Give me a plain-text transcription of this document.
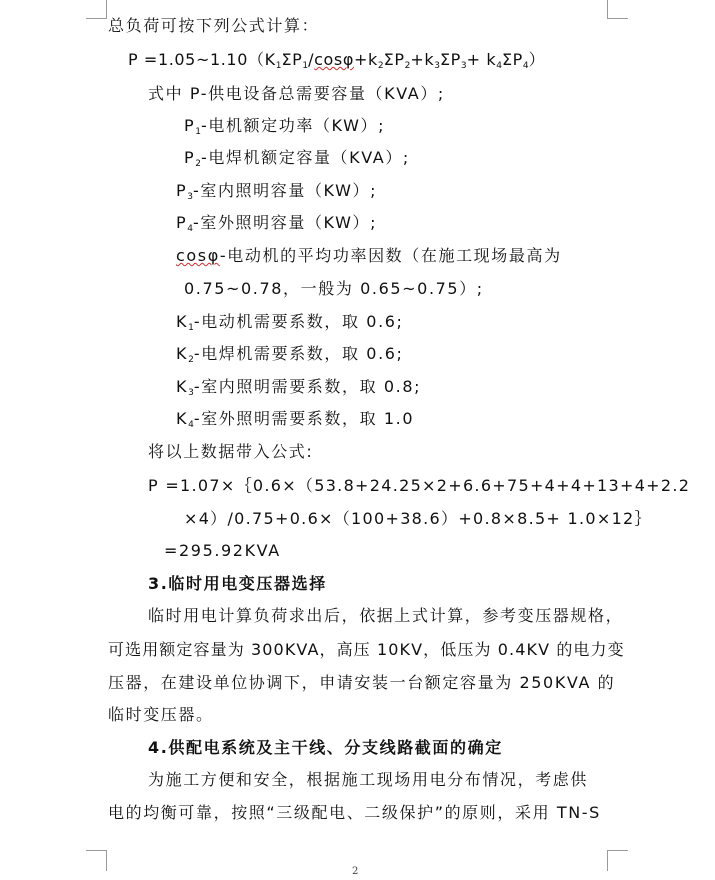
总负荷可按下列公式计算：
$P =1.05\sim 1.10(K_1\Sigma P_1/\cos\varphi+k_2\Sigma P_2+k_3\Sigma P_3+ k_4\Sigma P_4)$
式中 P-供电设备总需要容量（KVA）;
$P_1-$电机额定功率（KW）;
$P_2-$电焊机额定容量（KVA）;
$P_3-$室内照明容量（KW）;
$P_4-$室外照明容量（KW）;
cosφ-电动机的平均功率因数（在施工现场最高为
0.75~0.78，一般为 0.65~0.75）;
$K_1-$电动机需要系数，取 0.6;
$K_2-$电焊机需要系数，取 0.6;
$K_3-$室内照明需要系数，取 0.8;
$K_4-$室外照明需要系数，取 1.0
将以上数据带入公式:
P =1.07×｛0.6×（53.8+24.25×2+6.6+75+4+4+13+4+2.2
×4）/0.75+0.6×（100+38.6）+0.8×8.5+ 1.0×12｝
=295.92KVA
3.临时用电变压器选择
临时用电计算负荷求出后，依据上式计算，参考变压器规格，
可选用额定容量为 300KVA，高压 10KV，低压为 0.4KV 的电力变
压器，在建设单位协调下，申请安装一台额定容量为 250KVA 的
临时变压器。
4.供配电系统及主干线、分支线路截面的确定
为施工方便和安全，根据施工现场用电分布情况，考虑供
电的均衡可靠，按照“三级配电、二级保护”的原则，采用 TN-S
2
